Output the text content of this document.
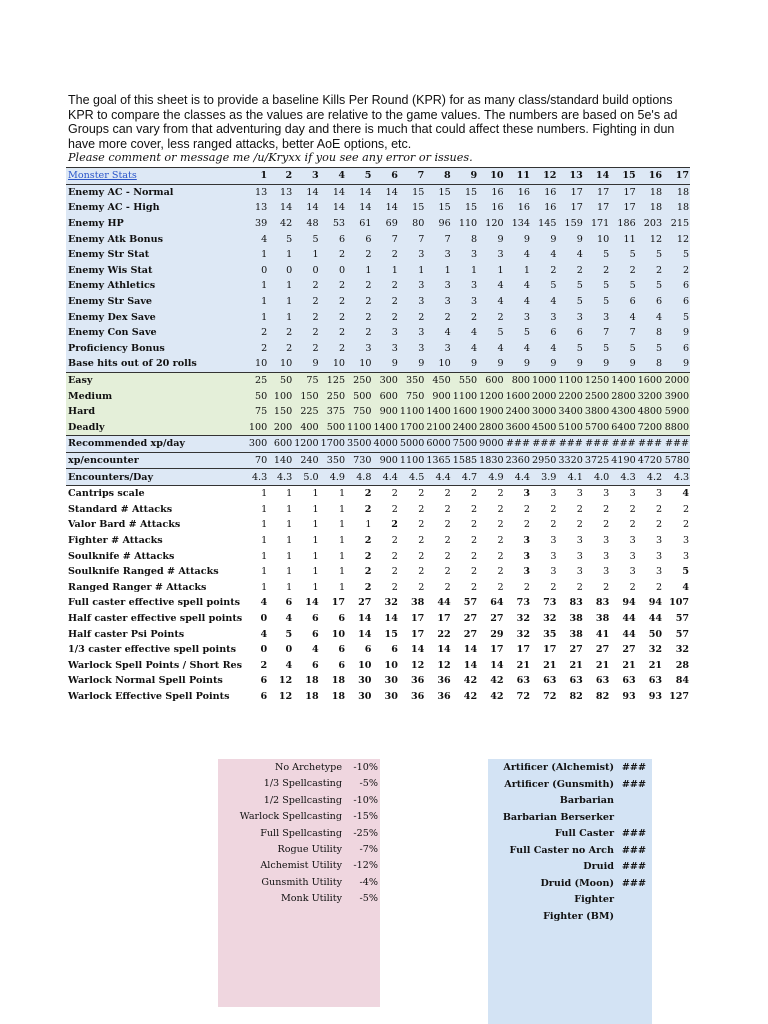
The goal of this sheet is to provide a baseline Kills Per Round (KPR) for as many class/standard build options
KPR to compare the classes as the values are relative to the game values. The numbers are based on 5e's ad
Groups can vary from that adventuring day and there is much that could affect these numbers. Fighting in dun
have more cover, less ranged attacks, better AoE options, etc.
Please comment or message me /u/Kryxx if you see any error or issues.
Monster Stats	1	2	3	4	5	6	7	8	9	10	11	12	13	14	15	16	17
Enemy AC - Normal	13	13	14	14	14	14	15	15	15	16	16	16	17	17	17	18	18
Enemy AC - High	13	14	14	14	14	14	15	15	15	16	16	16	17	17	17	18	18
Enemy HP	39	42	48	53	61	69	80	96	110	120	134	145	159	171	186	203	215
Enemy Atk Bonus	4	5	5	6	6	7	7	7	8	9	9	9	9	10	11	12	12
Enemy Str Stat	1	1	1	2	2	2	3	3	3	3	4	4	4	5	5	5	5
Enemy Wis Stat	0	0	0	0	1	1	1	1	1	1	1	2	2	2	2	2	2
Enemy Athletics	1	1	2	2	2	2	3	3	3	4	4	5	5	5	5	5	6
Enemy Str Save	1	1	2	2	2	2	3	3	3	4	4	4	5	5	6	6	6
Enemy Dex Save	1	1	2	2	2	2	2	2	2	2	3	3	3	3	4	4	5
Enemy Con Save	2	2	2	2	2	3	3	4	4	5	5	6	6	7	7	8	9
Proficiency Bonus	2	2	2	2	3	3	3	3	4	4	4	4	5	5	5	5	6
Base hits out of 20 rolls	10	10	9	10	10	9	9	10	9	9	9	9	9	9	9	8	9
Easy	25	50	75	125	250	300	350	450	550	600	800	1000	1100	1250	1400	1600	2000
Medium	50	100	150	250	500	600	750	900	1100	1200	1600	2000	2200	2500	2800	3200	3900
Hard	75	150	225	375	750	900	1100	1400	1600	1900	2400	3000	3400	3800	4300	4800	5900
Deadly	100	200	400	500	1100	1400	1700	2100	2400	2800	3600	4500	5100	5700	6400	7200	8800
Recommended xp/day	300	600	1200	1700	3500	4000	5000	6000	7500	9000	###	###	###	###	###	###	###
xp/encounter	70	140	240	350	730	900	1100	1365	1585	1830	2360	2950	3320	3725	4190	4720	5780
Encounters/Day	4.3	4.3	5.0	4.9	4.8	4.4	4.5	4.4	4.7	4.9	4.4	3.9	4.1	4.0	4.3	4.2	4.3
Cantrips scale	1	1	1	1	2	2	2	2	2	2	3	3	3	3	3	3	4
Standard # Attacks	1	1	1	1	2	2	2	2	2	2	2	2	2	2	2	2	2
Valor Bard # Attacks	1	1	1	1	1	2	2	2	2	2	2	2	2	2	2	2	2
Fighter # Attacks	1	1	1	1	2	2	2	2	2	2	3	3	3	3	3	3	3
Soulknife # Attacks	1	1	1	1	2	2	2	2	2	2	3	3	3	3	3	3	3
Soulknife Ranged # Attacks	1	1	1	1	2	2	2	2	2	2	3	3	3	3	3	3	5
Ranged Ranger # Attacks	1	1	1	1	2	2	2	2	2	2	2	2	2	2	2	2	4
Full caster effective spell points	4	6	14	17	27	32	38	44	57	64	73	73	83	83	94	94	107
Half caster effective spell points	0	4	6	6	14	14	17	17	27	27	32	32	38	38	44	44	57
Half caster Psi Points	4	5	6	10	14	15	17	22	27	29	32	35	38	41	44	50	57
1/3 caster effective spell points	0	0	4	6	6	6	14	14	14	17	17	17	27	27	27	32	32
Warlock Spell Points / Short Res	2	4	6	6	10	10	12	12	14	14	21	21	21	21	21	21	28
Warlock Normal Spell Points	6	12	18	18	30	30	36	36	42	42	63	63	63	63	63	63	84
Warlock Effective Spell Points	6	12	18	18	30	30	36	36	42	42	72	72	82	82	93	93	127
No Archetype -10%
1/3 Spellcasting -5%
1/2 Spellcasting -10%
Warlock Spellcasting -15%
Full Spellcasting -25%
Rogue Utility -7%
Alchemist Utility -12%
Gunsmith Utility -4%
Monk Utility -5%
Artificer (Alchemist) ###
Artificer (Gunsmith) ###
Barbarian
Barbarian Berserker
Full Caster ###
Full Caster no Arch ###
Druid ###
Druid (Moon) ###
Fighter
Fighter (BM)
